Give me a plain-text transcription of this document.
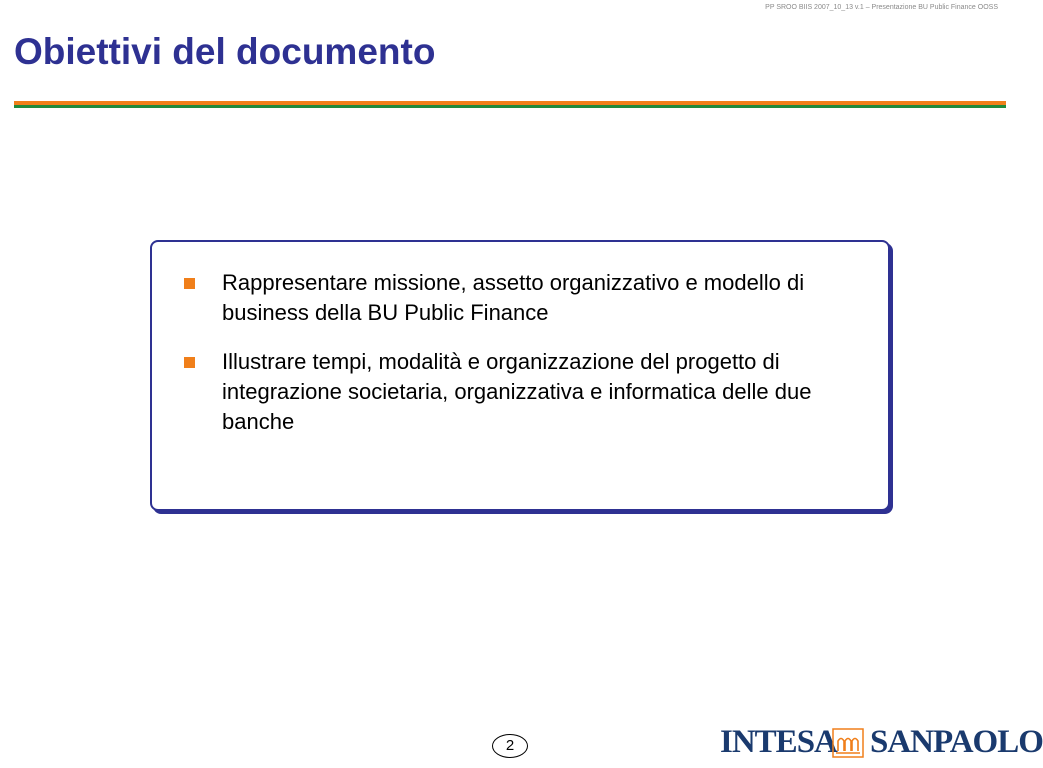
PP SROO BIIS 2007_10_13 v.1 – Presentazione BU Public Finance OOSS
Obiettivi del documento
Rappresentare missione, assetto organizzativo e modello di business della BU Public Finance
Illustrare tempi, modalità e organizzazione del progetto di integrazione societaria, organizzativa e informatica delle due banche
2	INTESA SANPAOLO
